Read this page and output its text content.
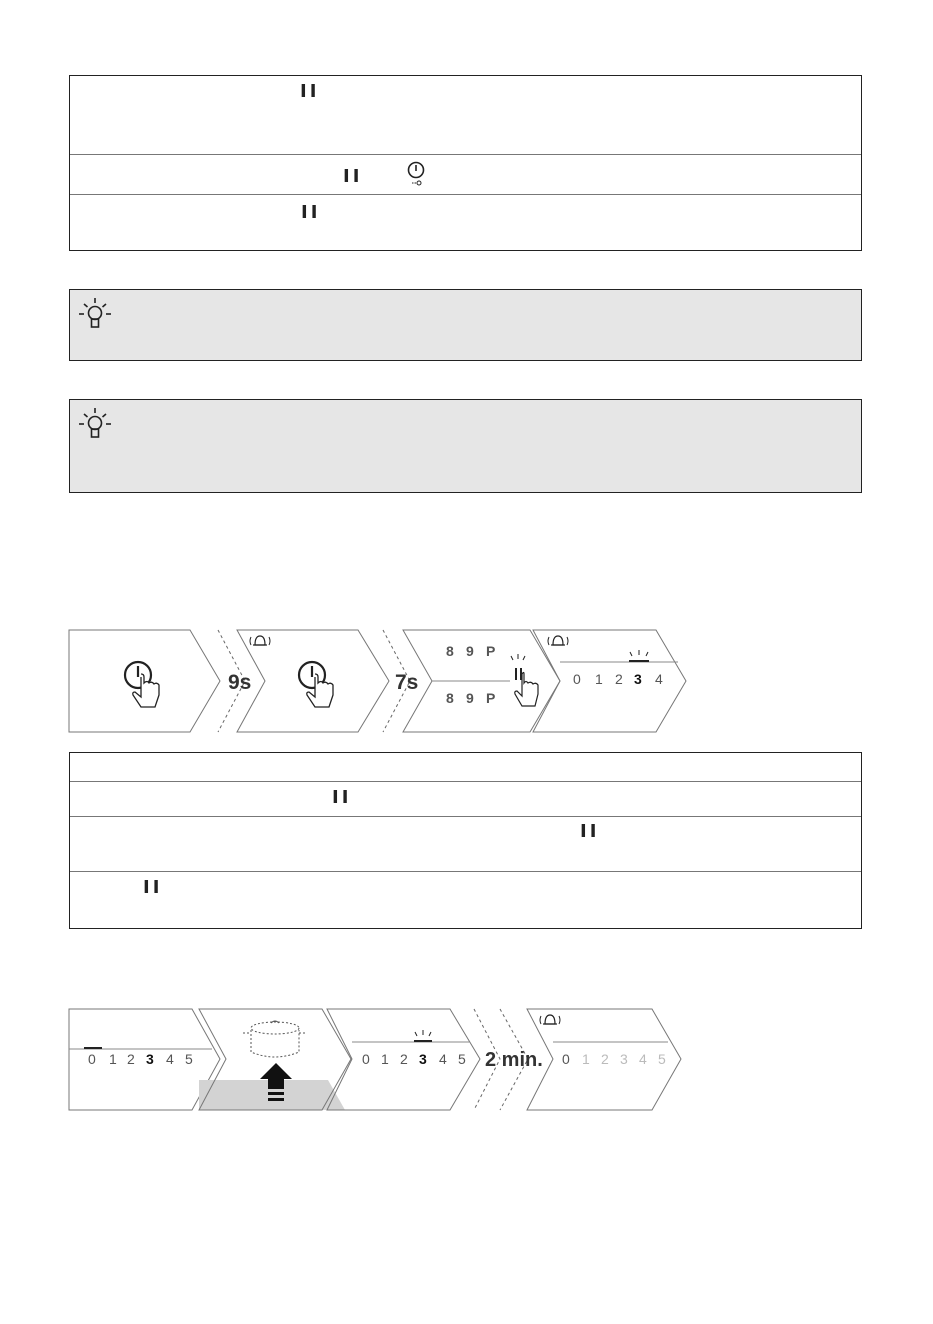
II
II
II
9s	7s
8 9 P
8 9 P
0 1 2 3 4
II
II
II
0 1 2 3 4 5	0 1 2 3 4 5 2 min. 0 1 2 3 4 5
